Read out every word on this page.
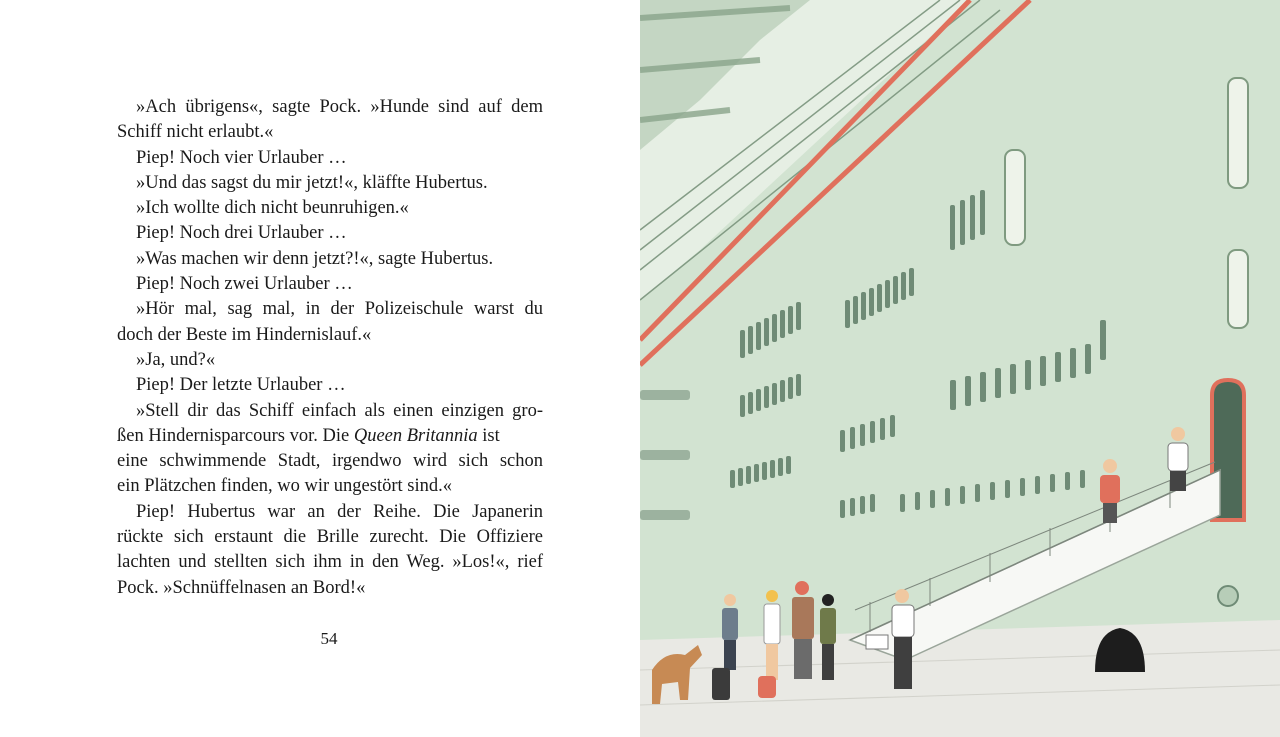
»Ach übrigens«, sagte Pock. »Hunde sind auf dem
Schiff nicht erlaubt.«
Piep! Noch vier Urlauber …
»Und das sagst du mir jetzt!«, kläffte Hubertus.
»Ich wollte dich nicht beunruhigen.«
Piep! Noch drei Urlauber …
»Was machen wir denn jetzt?!«, sagte Hubertus.
Piep! Noch zwei Urlauber …
»Hör mal, sag mal, in der Polizeischule warst du
doch der Beste im Hindernislauf.«
»Ja, und?«
Piep! Der letzte Urlauber …
»Stell dir das Schiff einfach als einen einzigen gro-
ßen Hindernisparcours vor. Die Queen Britannia ist
eine schwimmende Stadt, irgendwo wird sich schon
ein Plätzchen finden, wo wir ungestört sind.«
Piep! Hubertus war an der Reihe. Die Japanerin
rückte sich erstaunt die Brille zurecht. Die Offiziere
lachten und stellten sich ihm in den Weg. »Los!«, rief
Pock. »Schnüffelnasen an Bord!«
54
